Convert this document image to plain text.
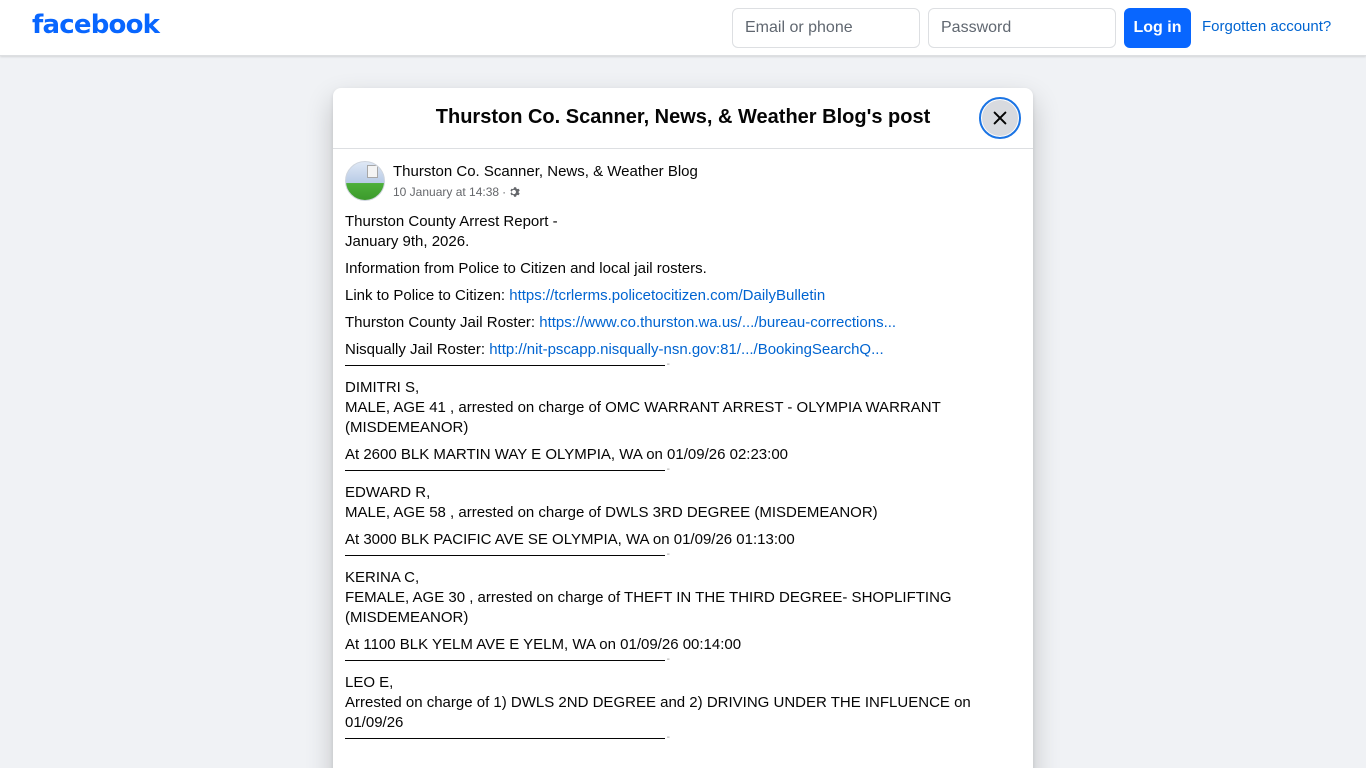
facebook
Email or phone	Log in	Forgotten account?
Thurston Co. Scanner, News, & Weather Blog's post
Thurston Co. Scanner, News, & Weather Blog
10 January at 14:38 ·
Thurston County Arrest Report -
January 9th, 2026.
Information from Police to Citizen and local jail rosters.
Link to Police to Citizen: https://tcrlerms.policetocitizen.com/DailyBulletin
Thurston County Jail Roster: https://www.co.thurston.wa.us/.../bureau-corrections...
Nisqually Jail Roster: http://nit-pscapp.nisqually-nsn.gov:81/.../BookingSearchQ...
-
DIMITRI S,
MALE, AGE 41 , arrested on charge of OMC WARRANT ARREST - OLYMPIA WARRANT (MISDEMEANOR)
At 2600 BLK MARTIN WAY E OLYMPIA, WA on 01/09/26 02:23:00
-
EDWARD R,
MALE, AGE 58 , arrested on charge of DWLS 3RD DEGREE (MISDEMEANOR)
At 3000 BLK PACIFIC AVE SE OLYMPIA, WA on 01/09/26 01:13:00
-
KERINA C,
FEMALE, AGE 30 , arrested on charge of THEFT IN THE THIRD DEGREE- SHOPLIFTING (MISDEMEANOR)
At 1100 BLK YELM AVE E YELM, WA on 01/09/26 00:14:00
-
LEO E,
Arrested on charge of 1) DWLS 2ND DEGREE and 2) DRIVING UNDER THE INFLUENCE on 01/09/26
-
